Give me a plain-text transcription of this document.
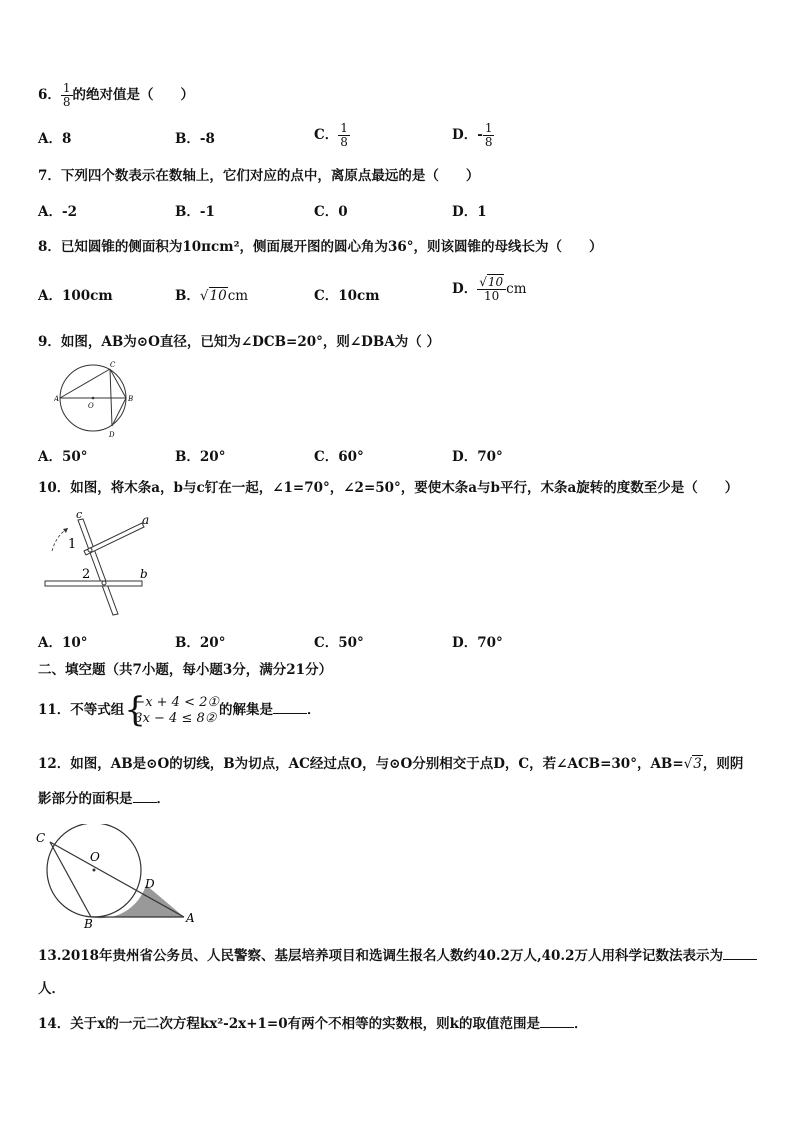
6． $\frac{1}{8}$ 的绝对值是（　　）
A．8	B．-8	C． $\frac{1}{8}$	D．- $\frac{1}{8}$
7．下列四个数表示在数轴上，它们对应的点中，离原点最远的是（　　）
A．-2	B．-1	C．0	D．1
8．已知圆锥的侧面积为10πcm²，侧面展开图的圆心角为36°，则该圆锥的母线长为（　　）
A．100cm	B．√10cm	C．10cm	D． $\frac{√10}{10}$ cm
9．如图，AB为⊙O直径，已知为∠DCB=20°，则∠DBA为（ ）
C
A	B
O
D
A．50°	B．20°	C．60°	D．70°
10．如图，将木条a，b与c钉在一起，∠1=70°，∠2=50°，要使木条a与b平行，木条a旋转的度数至少是（　　）
c	a
b
1
2
A．10°	B．20°	C．50°	D．70°
二、填空题（共7小题，每小题3分，满分21分）
11．不等式组 {
−x + 4 < 2①
3x − 4 ≤ 8② 的解集是	．
12．如图，AB是⊙O的切线，B为切点，AC经过点O，与⊙O分别相交于点D，C，若∠ACB=30°，AB=√3，则阴
影部分的面积是 ．
C
O
D
B	A
13.2018年贵州省公务员、人民警察、基层培养项目和选调生报名人数约40.2万人,40.2万人用科学记数法表示为
人．
14．关于x的一元二次方程kx²-2x+1=0有两个不相等的实数根，则k的取值范围是	．
